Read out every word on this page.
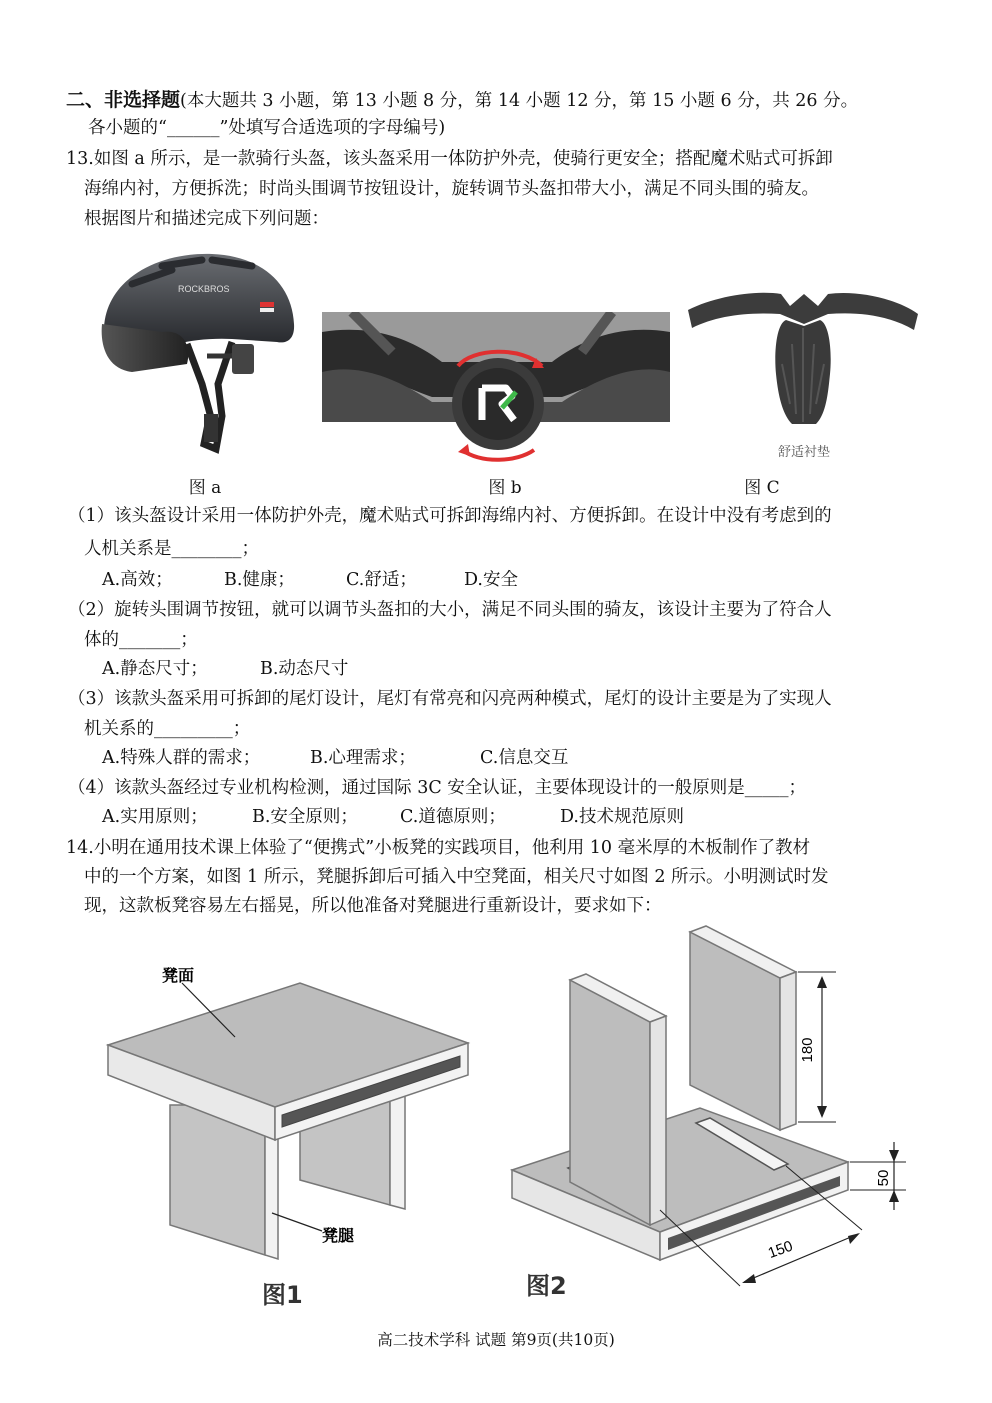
二、非选择题(本大题共 3 小题，第 13 小题 8 分，第 14 小题 12 分，第 15 小题 6 分，共 26 分。
各小题的“______”处填写合适选项的字母编号)
13.如图 a 所示，是一款骑行头盔，该头盔采用一体防护外壳，使骑行更安全；搭配魔术贴式可拆卸
海绵内衬，方便拆洗；时尚头围调节按钮设计，旋转调节头盔扣带大小，满足不同头围的骑友。
根据图片和描述完成下列问题：
ROCKBROS
图 a	图 b
舒适衬垫
图 C
（1）该头盔设计采用一体防护外壳，魔术贴式可拆卸海绵内衬、方便拆卸。在设计中没有考虑到的
人机关系是________；
A.高效；	B.健康；	C.舒适；	D.安全
（2）旋转头围调节按钮，就可以调节头盔扣的大小，满足不同头围的骑友，该设计主要为了符合人
体的_______；
A.静态尺寸；	B.动态尺寸
（3）该款头盔采用可拆卸的尾灯设计，尾灯有常亮和闪亮两种模式，尾灯的设计主要是为了实现人
机关系的_________；
A.特殊人群的需求；	B.心理需求；	C.信息交互
（4）该款头盔经过专业机构检测，通过国际 3C 安全认证，主要体现设计的一般原则是_____；
A.实用原则；	B.安全原则； C.道德原则；	D.技术规范原则
14.小明在通用技术课上体验了“便携式”小板凳的实践项目，他利用 10 毫米厚的木板制作了教材
中的一个方案，如图 1 所示，凳腿拆卸后可插入中空凳面，相关尺寸如图 2 所示。小明测试时发
现，这款板凳容易左右摇晃，所以他准备对凳腿进行重新设计，要求如下：
凳面
凳腿
图1
180
50
150
图2
高二技术学科 试题 第9页(共10页)
